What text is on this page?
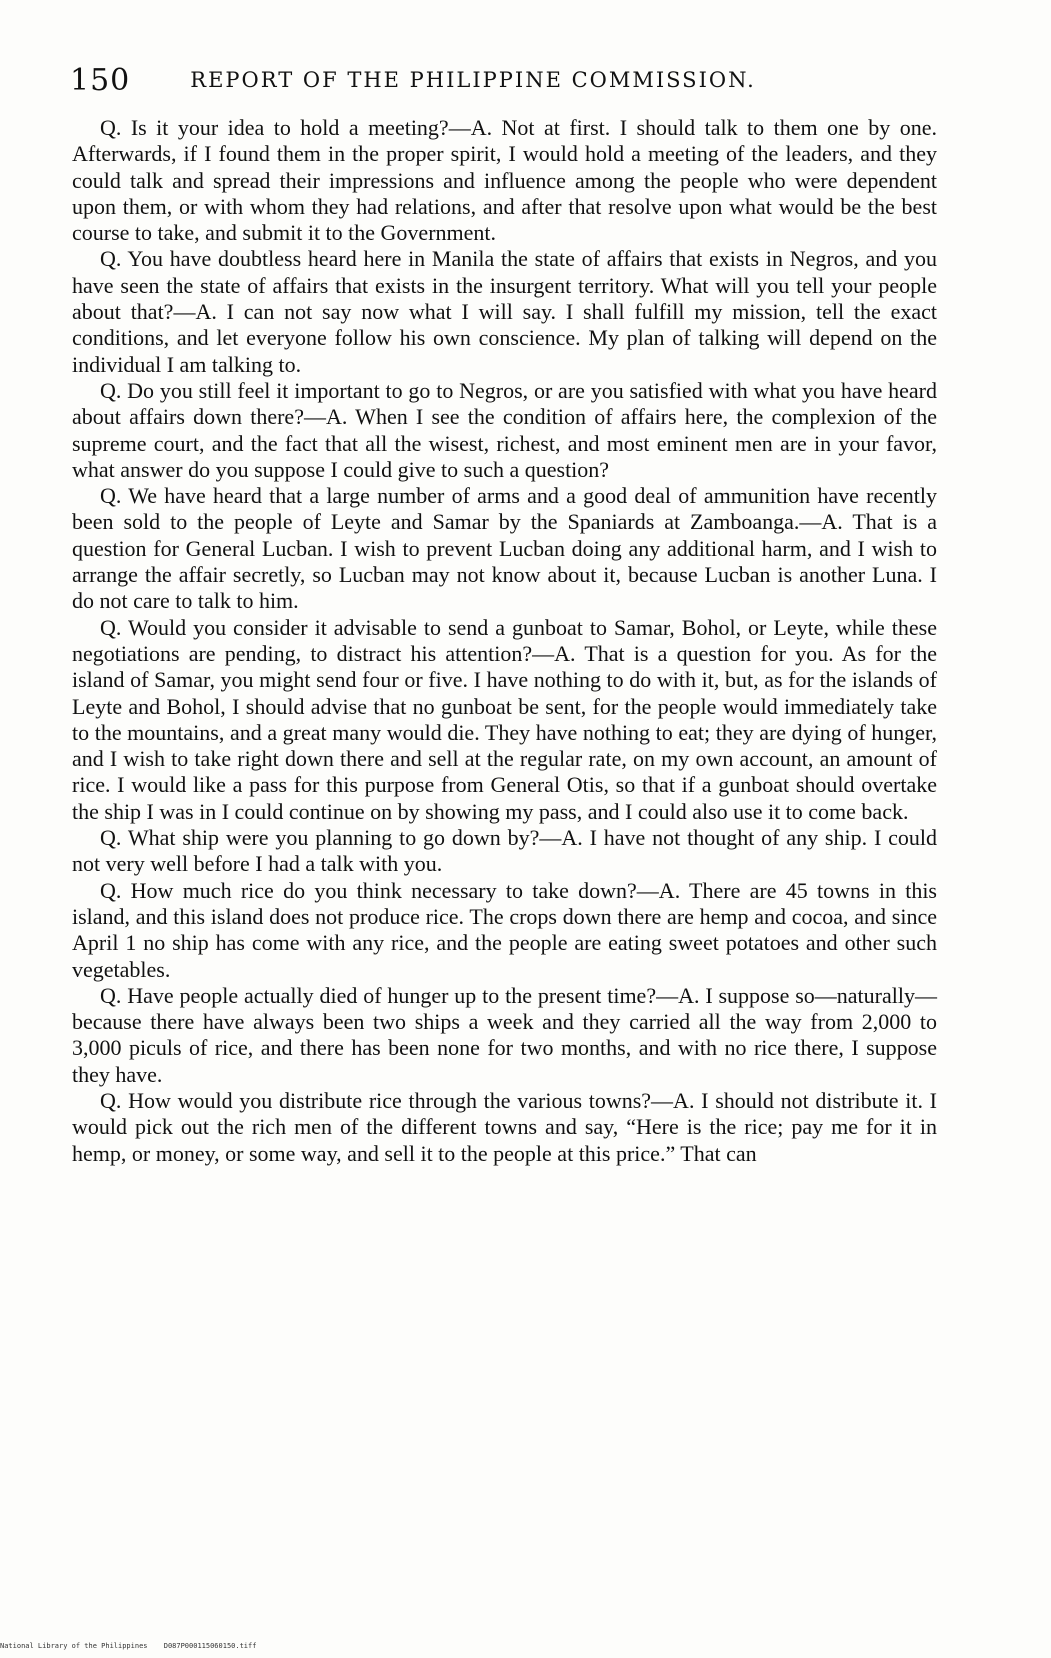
150	REPORT OF THE PHILIPPINE COMMISSION.

Q. Is it your idea to hold a meeting?—A. Not at first. I should talk to them one by one. Afterwards, if I found them in the proper spirit, I would hold a meeting of the leaders, and they could talk and spread their impressions and influence among the people who were dependent upon them, or with whom they had relations, and after that resolve upon what would be the best course to take, and submit it to the Government.

Q. You have doubtless heard here in Manila the state of affairs that exists in Negros, and you have seen the state of affairs that exists in the insurgent territory. What will you tell your people about that?—A. I can not say now what I will say. I shall fulfill my mission, tell the exact conditions, and let everyone follow his own conscience. My plan of talking will depend on the individual I am talking to.

Q. Do you still feel it important to go to Negros, or are you satisfied with what you have heard about affairs down there?—A. When I see the condition of affairs here, the complexion of the supreme court, and the fact that all the wisest, richest, and most eminent men are in your favor, what answer do you suppose I could give to such a question?

Q. We have heard that a large number of arms and a good deal of ammunition have recently been sold to the people of Leyte and Samar by the Spaniards at Zamboanga.—A. That is a question for General Lucban. I wish to prevent Lucban doing any additional harm, and I wish to arrange the affair secretly, so Lucban may not know about it, because Lucban is another Luna. I do not care to talk to him.

Q. Would you consider it advisable to send a gunboat to Samar, Bohol, or Leyte, while these negotiations are pending, to distract his attention?—A. That is a question for you. As for the island of Samar, you might send four or five. I have nothing to do with it, but, as for the islands of Leyte and Bohol, I should advise that no gunboat be sent, for the people would immediately take to the mountains, and a great many would die. They have nothing to eat; they are dying of hunger, and I wish to take right down there and sell at the regular rate, on my own account, an amount of rice. I would like a pass for this purpose from General Otis, so that if a gunboat should overtake the ship I was in I could continue on by showing my pass, and I could also use it to come back.

Q. What ship were you planning to go down by?—A. I have not thought of any ship. I could not very well before I had a talk with you.

Q. How much rice do you think necessary to take down?—A. There are 45 towns in this island, and this island does not produce rice. The crops down there are hemp and cocoa, and since April 1 no ship has come with any rice, and the people are eating sweet potatoes and other such vegetables.

Q. Have people actually died of hunger up to the present time?—A. I suppose so—naturally—because there have always been two ships a week and they carried all the way from 2,000 to 3,000 piculs of rice, and there has been none for two months, and with no rice there, I suppose they have.

Q. How would you distribute rice through the various towns?—A. I should not distribute it. I would pick out the rich men of the different towns and say, “Here is the rice; pay me for it in hemp, or money, or some way, and sell it to the people at this price.” That can

National Library of the Philippines D087P000115060150.tiff
